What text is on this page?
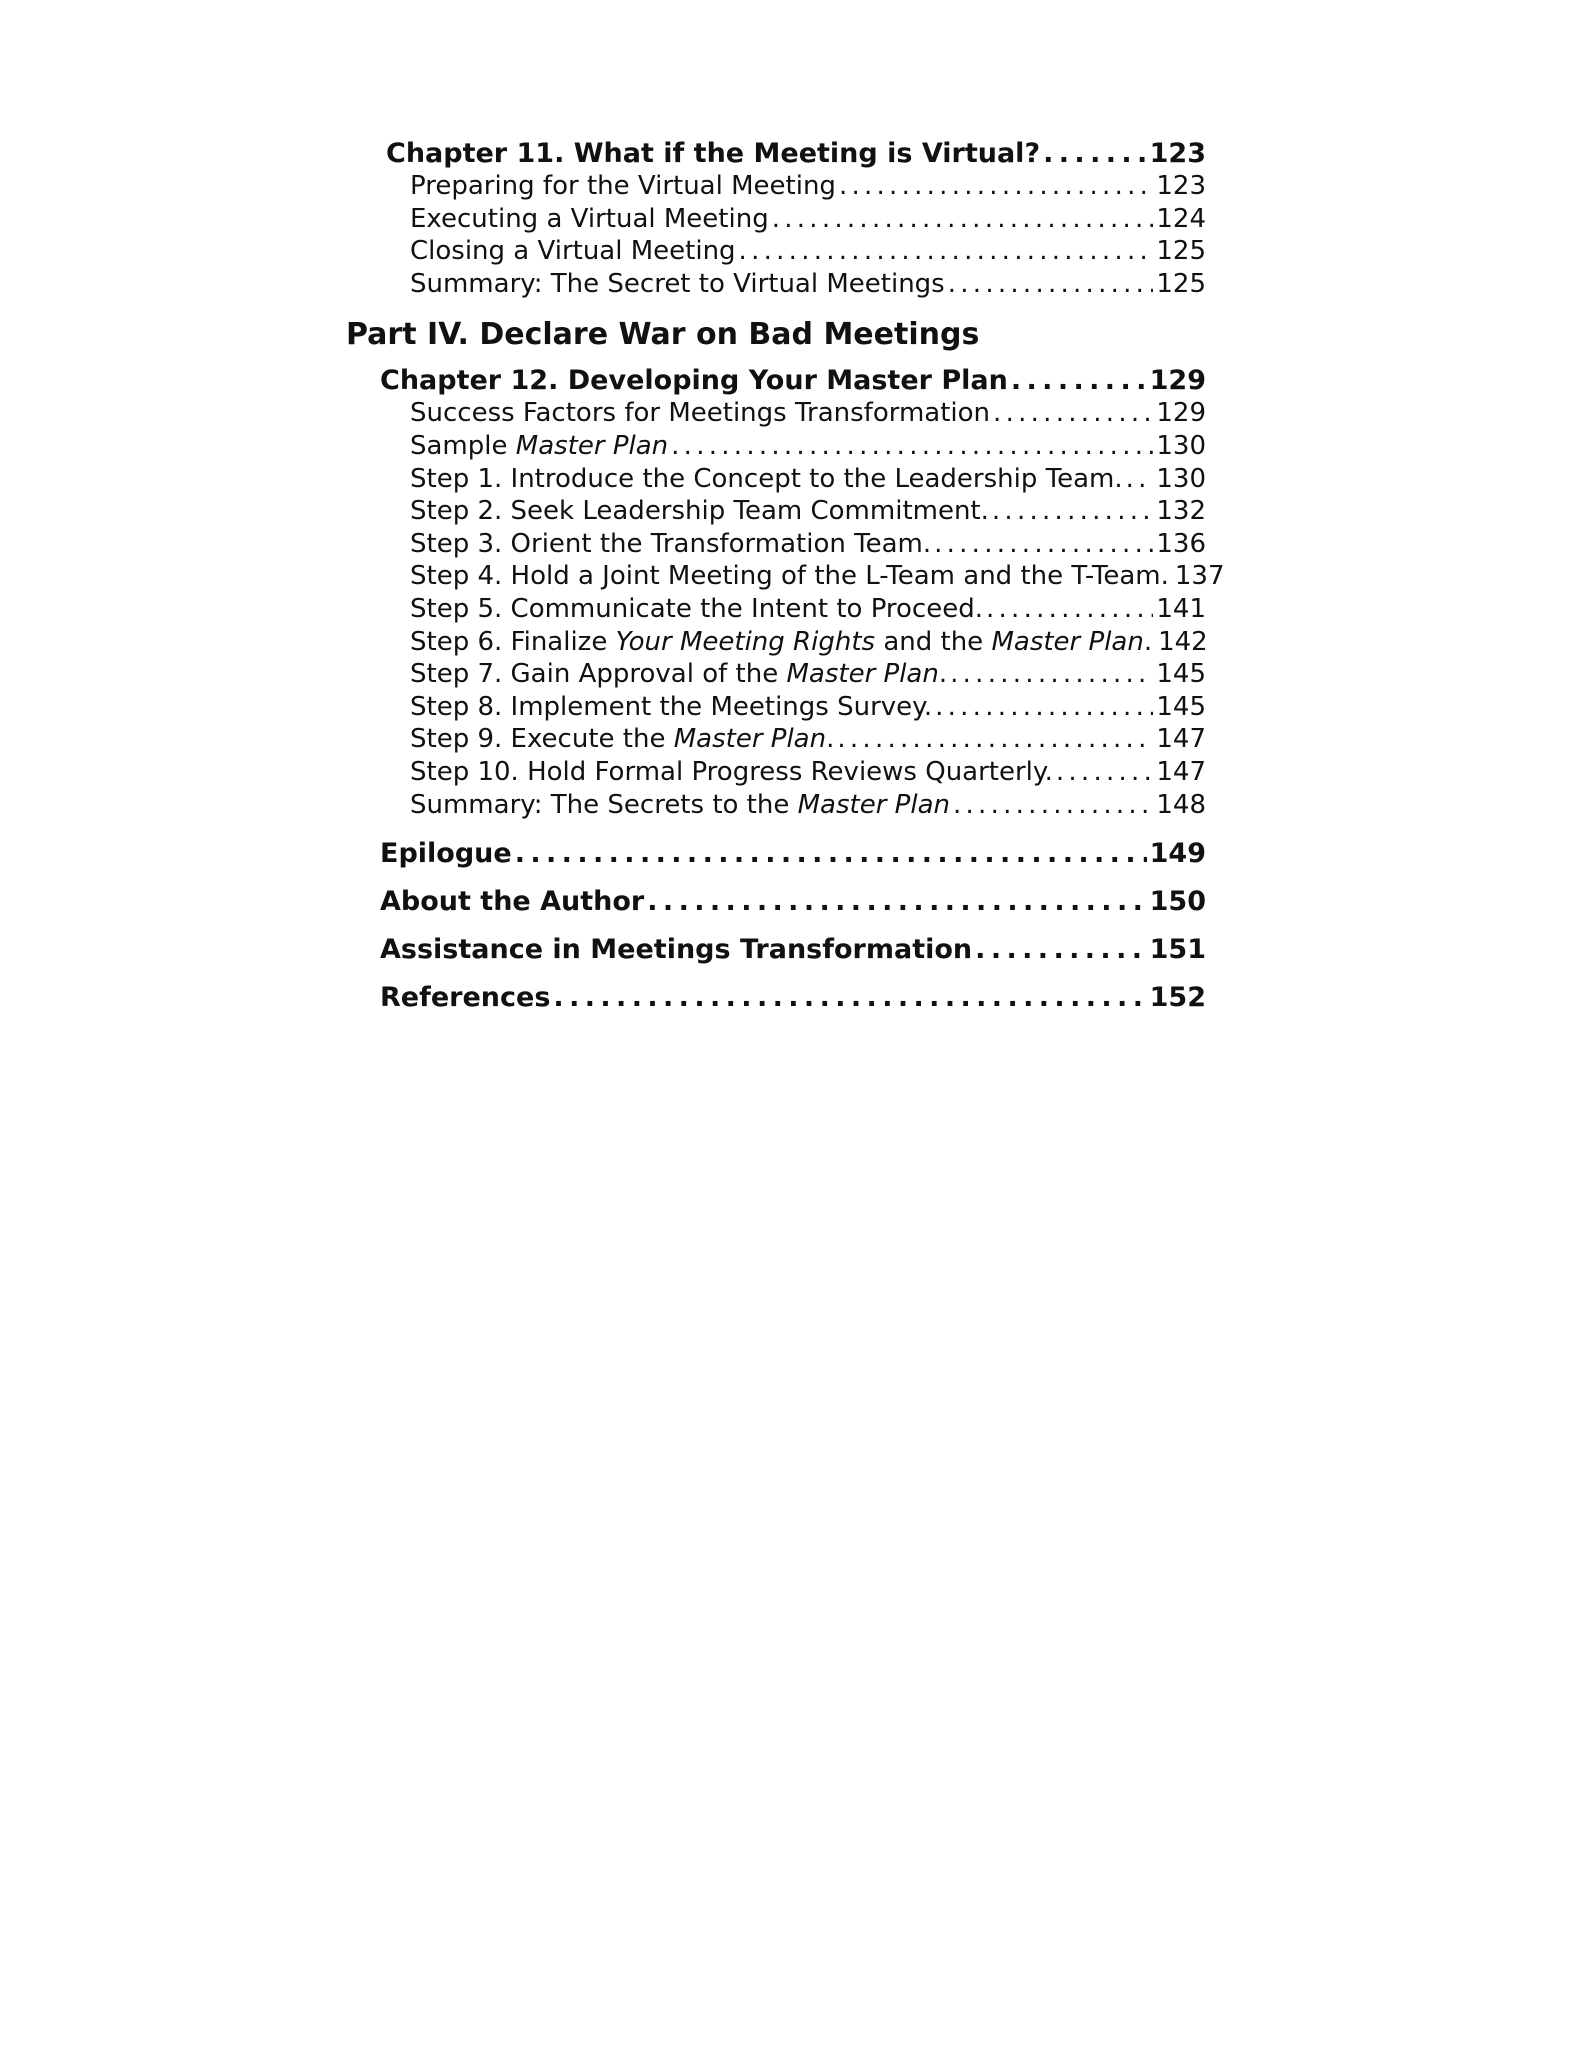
Chapter 11. What if the Meeting is Virtual? . . .	123
Preparing for the Virtual Meeting . . .	123
Executing a Virtual Meeting . . .	124
Closing a Virtual Meeting . . .	125
Summary: The Secret to Virtual Meetings . . .	125
Part IV. Declare War on Bad Meetings
Chapter 12. Developing Your Master Plan . . .	129
Success Factors for Meetings Transformation . . .	129
Sample Master Plan . . .	130
Step 1. Introduce the Concept to the Leadership Team. . . . 130
Step 2. Seek Leadership Team Commitment. . . .	132
Step 3. Orient the Transformation Team. . . .	136
Step 4. Hold a Joint Meeting of the L-Team and the T-Team. 137
Step 5. Communicate the Intent to Proceed. . . .	141
Step 6. Finalize Your Meeting Rights and the Master Plan. 142
Step 7. Gain Approval of the Master Plan. . . .	145
Step 8. Implement the Meetings Survey. . . .	145
Step 9. Execute the Master Plan. . . .	147
Step 10. Hold Formal Progress Reviews Quarterly. . . .	147
Summary: The Secrets to the Master Plan . . .	148
Epilogue . . .	149
About the Author . . .	150
Assistance in Meetings Transformation . . .	151
References . . .	152
